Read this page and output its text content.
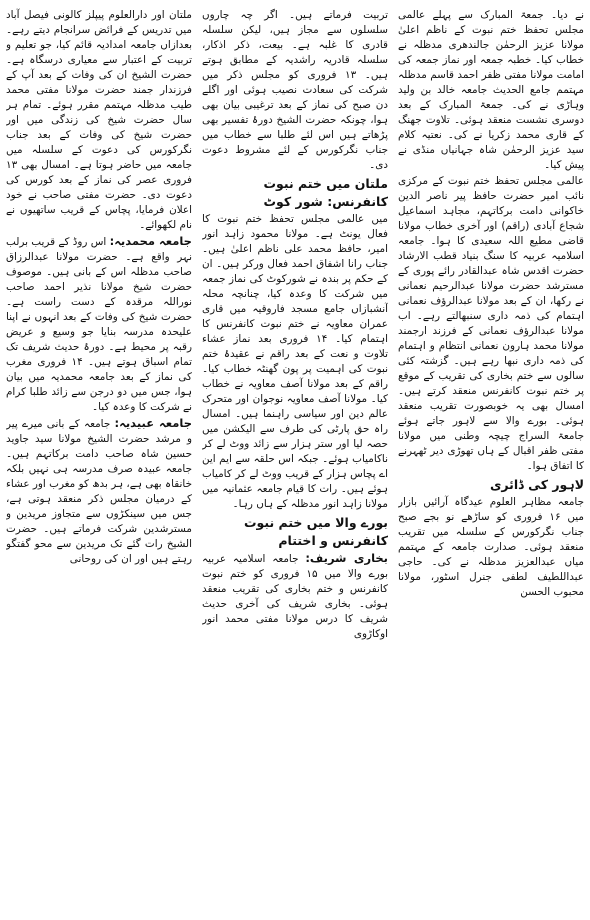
ملتان اور دارالعلوم پیپلز کالونی فیصل آباد میں تدریس کے فرائض سرانجام دیتے رہے۔ بعدازاں جامعہ امدادیہ قائم کیا، جو تعلیم و تربیت کے اعتبار سے معیاری درسگاہ ہے۔ حضرت الشیخ ان کی وفات کے بعد آپ کے فرزندار جمند حضرت مولانا مفتی محمد طیب مدظلہ مہتمم مقرر ہوئے۔ تمام ہر سال حضرت شیخ کی زندگی میں اور حضرت شیخ کی وفات کے بعد جناب نگرکورس کی دعوت کے سلسلہ میں جامعہ میں حاضر ہوتا ہے۔ امسال بھی ۱۳ فروری عصر کی نماز کے بعد کورس کی دعوت دی۔ حضرت مفتی صاحب نے خود اعلان فرمایا، پچاس کے قریب ساتھیوں نے نام لکھوائے۔

جامعہ محمدیہ: اس روڈ کے قریب برلب نہر واقع ہے۔ حضرت مولانا عبدالرزاق صاحب مدظلہ اس کے بانی ہیں۔ موصوف حضرت شیخ مولانا نذیر احمد صاحب نوراللہ مرقدہ کے دست راست ہے۔ حضرت شیخ کی وفات کے بعد انہوں نے اپنا علیحدہ مدرسہ بنایا جو وسیع و عریض رقبہ پر محیط ہے۔ دورۂ حدیث شریف تک تمام اسباق ہوتے ہیں۔ ۱۴ فروری مغرب کی نماز کے بعد جامعہ محمدیہ میں بیان ہوا، جس میں دو درجن سے زائد طلبا کرام نے شرکت کا وعدہ کیا۔

جامعہ عبیدیہ: جامعہ کے بانی میرے پیر و مرشد حضرت الشیخ مولانا سید جاوید حسین شاہ صاحب دامت برکاتہم ہیں۔ جامعہ عبیدہ صرف مدرسہ ہی نہیں بلکہ خانقاہ بھی ہے، ہر بدھ کو مغرب اور عشاء کے درمیان مجلس ذکر منعقد ہوتی ہے، جس میں سینکڑوں سے متجاوز مریدین و مسترشدین شرکت فرماتے ہیں۔ حضرت الشیخ رات گئے تک مریدین سے محو گفتگو رہتے ہیں اور ان کی روحانی

تربیت فرماتے ہیں۔ اگر چہ چاروں سلسلوں سے مجاز ہیں، لیکن سلسلہ قادری کا غلبہ ہے۔ بیعت، ذکر اذکار، سلسلہ قادریہ راشدیہ کے مطابق ہوتے ہیں۔ ۱۳ فروری کو مجلس ذکر میں شرکت کی سعادت نصیب ہوئی اور اگلے دن صبح کی نماز کے بعد ترغیبی بیان بھی ہوا، چونکہ حضرت الشیخ دورۂ تفسیر بھی پڑھاتے ہیں اس لئے طلبا سے خطاب میں جناب نگرکورس کے لئے مشروط دعوت دی۔

ملتان میں ختم نبوت کانفرنس: شور کوٹ

میں عالمی مجلس تحفظ ختم نبوت کا فعال یونٹ ہے۔ مولانا محمود زاہد انور امیر، حافظ محمد علی ناظم اعلیٰ ہیں۔ جناب رانا اشفاق احمد فعال ورکر ہیں۔ ان کے حکم پر بندہ نے شورکوٹ کی نماز جمعہ میں شرکت کا وعدہ کیا، چنانچہ محلہ آنشبازاں جامع مسجد فاروقیہ میں قاری عمران معاویہ نے ختم نبوت کانفرنس کا اہتمام کیا۔ ۱۴ فروری بعد نماز عشاء تلاوت و نعت کے بعد راقم نے عقیدۂ ختم نبوت کی اہمیت پر پون گھنٹہ خطاب کیا۔ راقم کے بعد مولانا آصف معاویہ نے خطاب کیا۔ مولانا آصف معاویہ نوجوان اور متحرک عالم دین اور سیاسی راہنما ہیں۔ امسال راہ حق پارٹی کی طرف سے الیکشن میں حصہ لیا اور ستر ہزار سے زائد ووٹ لے کر ناکامیاب ہوئے۔ جبکہ اس حلقہ سے ایم این اے پچاس ہزار کے قریب ووٹ لے کر کامیاب ہوئے ہیں۔ رات کا قیام جامعہ عثمانیہ میں مولانا زاہد انور مدظلہ کے ہاں رہا۔

بورے والا میں ختم نبوت کانفرنس و اختتام

بخاری شریف: جامعہ اسلامیہ عربیہ بورے والا میں ۱۵ فروری کو ختم نبوت کانفرنس و ختم بخاری کی تقریب منعقد ہوئی۔ بخاری شریف کی آخری حدیث شریف کا درس مولانا مفتی محمد انور اوکاڑوی

نے دیا۔ جمعۃ المبارک سے پہلے عالمی مجلس تحفظ ختم نبوت کے ناظم اعلیٰ مولانا عزیز الرحمٰن جالندھری مدظلہ نے خطاب کیا۔ خطبہ جمعہ اور نماز جمعہ کی امامت مولانا مفتی ظفر احمد قاسم مدظلہ مہتمم جامع الحدیث جامعہ خالد بن ولید وہاڑی نے کی۔ جمعۃ المبارک کے بعد دوسری نشست منعقد ہوئی۔ تلاوت جھنگ کے قاری محمد زکریا نے کی۔ نعتیہ کلام سید عزیز الرحمٰن شاہ جہانیاں منڈی نے پیش کیا۔

عالمی مجلس تحفظ ختم نبوت کے مرکزی نائب امیر حضرت حافظ پیر ناصر الدین خاکوانی دامت برکاتہم، مجاہد اسماعیل شجاع آبادی (راقم) اور آخری خطاب مولانا قاضی مطیع اللہ سعیدی کا ہوا۔ جامعہ اسلامیہ عربیہ کا سنگ بنیاد قطب الارشاد حضرت اقدس شاہ عبدالقادر رائے پوری کے مسترشد حضرت مولانا عبدالرحیم نعمانی نے رکھا، ان کے بعد مولانا عبدالرؤف نعمانی اہتمام کی ذمہ داری سنبھالتے رہے۔ اب مولانا عبدالرؤف نعمانی کے فرزند ارجمند مولانا محمد ہارون نعمانی انتظام و اہتمام کی ذمہ داری نبھا رہے ہیں۔ گزشتہ کئی سالوں سے ختم بخاری کی تقریب کے موقع پر ختم نبوت کانفرنس منعقد کرتے ہیں۔ امسال بھی یہ خوبصورت تقریب منعقد ہوئی۔ بورے والا سے لاہور جاتے ہوئے جامعۃ السراج چیچہ وطنی میں مولانا مفتی ظفر اقبال کے ہاں تھوڑی دیر ٹھہرنے کا اتفاق ہوا۔

لاہور کی ڈائری

جامعہ مظاہر العلوم عیدگاہ آرائیں بازار میں ۱۶ فروری کو ساڑھے نو بجے صبح جناب نگرکورس کے سلسلہ میں تقریب منعقد ہوئی۔ صدارت جامعہ کے مہتمم میاں عبدالعزیز مدظلہ نے کی۔ حاجی عبداللطیف لطفی جنرل اسٹور، مولانا محبوب الحسن
